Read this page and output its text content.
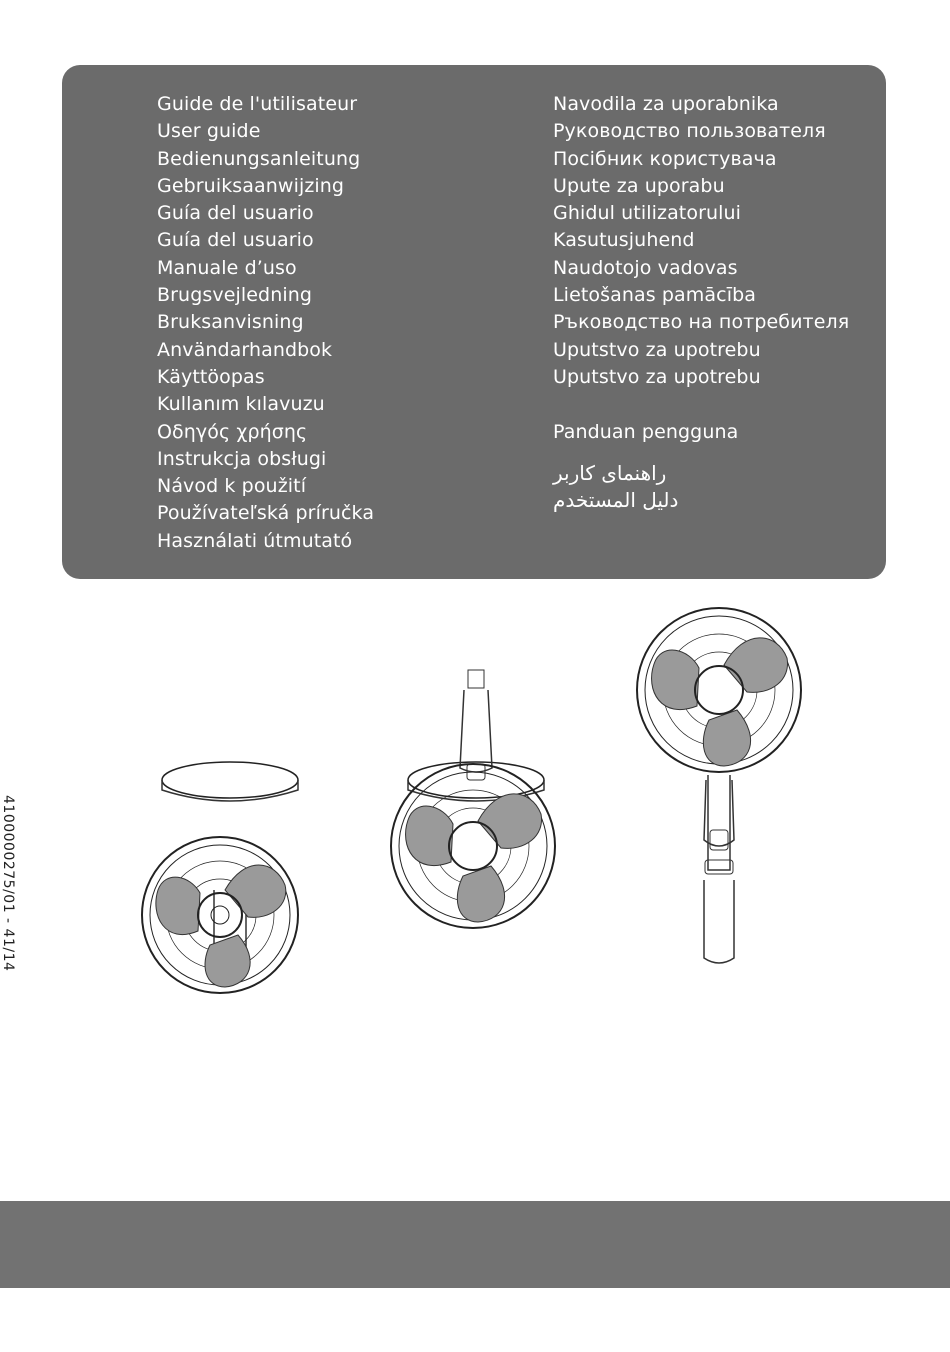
Guide de l'utilisateur
User guide
Bedienungsanleitung
Gebruiksaanwijzing
Guía del usuario
Guía del usuario
Manuale d’uso
Brugsvejledning
Bruksanvisning
Användarhandbok
Käyttöopas
Kullanım kılavuzu
Οδηγός χρήσης
Instrukcja obsługi
Návod k použití
Používateľská príručka
Használati útmutató
Navodila za uporabnika
Руководство пользователя
Посібник користувача
Upute za uporabu
Ghidul utilizatorului
Kasutusjuhend
Naudotojo vadovas
Lietošanas pamācība
Ръководство на потребителя
Uputstvo za upotrebu
Uputstvo za upotrebu
Panduan pengguna
راهنمای کاربر
دليل المستخدم
4100000275/01 - 41/14
